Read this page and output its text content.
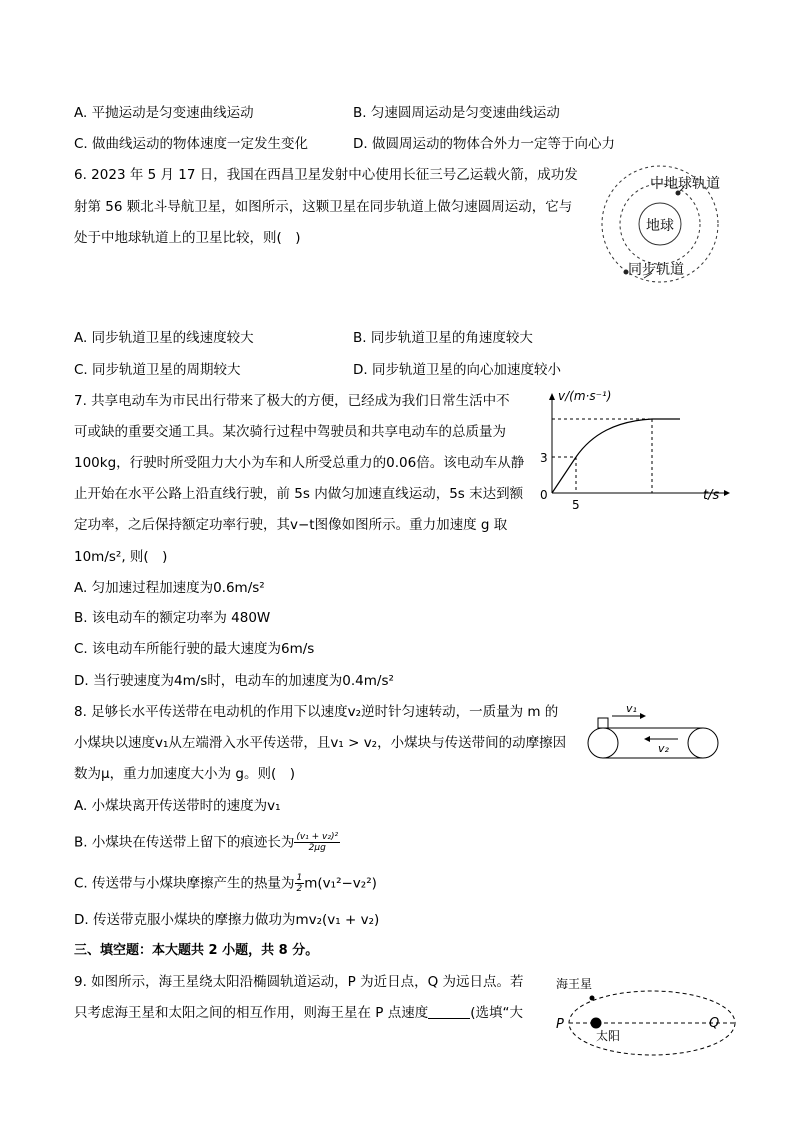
A. 平抛运动是匀变速曲线运动	B. 匀速圆周运动是匀变速曲线运动
C. 做曲线运动的物体速度一定发生变化	D. 做圆周运动的物体合外力一定等于向心力
6. 2023 年 5 月 17 日，我国在西昌卫星发射中心使用长征三号乙运载火箭，成功发
射第 56 颗北斗导航卫星，如图所示，这颗卫星在同步轨道上做匀速圆周运动，它与
处于中地球轨道上的卫星比较，则(　)
地球
中地球轨道
同步轨道
A. 同步轨道卫星的线速度较大	B. 同步轨道卫星的角速度较大
C. 同步轨道卫星的周期较大	D. 同步轨道卫星的向心加速度较小
7. 共享电动车为市民出行带来了极大的方便，已经成为我们日常生活中不
可或缺的重要交通工具。某次骑行过程中驾驶员和共享电动车的总质量为
100kg，行驶时所受阻力大小为车和人所受总重力的0.06倍。该电动车从静
止开始在水平公路上沿直线行驶，前 5s 内做匀加速直线运动，5s 末达到额
定功率，之后保持额定功率行驶，其v−t图像如图所示。重力加速度 g 取
10m/s², 则(　)
v/(m·s⁻¹)
t/s
0
3
5
A. 匀加速过程加速度为0.6m/s²
B. 该电动车的额定功率为 480W
C. 该电动车所能行驶的最大速度为6m/s
D. 当行驶速度为4m/s时，电动车的加速度为0.4m/s²
8. 足够长水平传送带在电动机的作用下以速度v₂逆时针匀速转动，一质量为 m 的
小煤块以速度v₁从左端滑入水平传送带，且v₁ > v₂，小煤块与传送带间的动摩擦因
数为μ，重力加速度大小为 g。则(　)
v₁
v₂
A. 小煤块离开传送带时的速度为v₁
B. 小煤块在传送带上留下的痕迹长为 $\frac{\text{(v₁ + v₂)²}}{2\mu g}$
C. 传送带与小煤块摩擦产生的热量为 $\frac{1}{2} m(v_1^2-v_2^2)$
D. 传送带克服小煤块的摩擦力做功为mv₂(v₁ + v₂)
三、填空题：本大题共 2 小题，共 8 分。
9. 如图所示，海王星绕太阳沿椭圆轨道运动，P 为近日点，Q 为远日点。若
只考虑海王星和太阳之间的相互作用，则海王星在 P 点速度	(选填“大
海王星
P	Q
太阳
